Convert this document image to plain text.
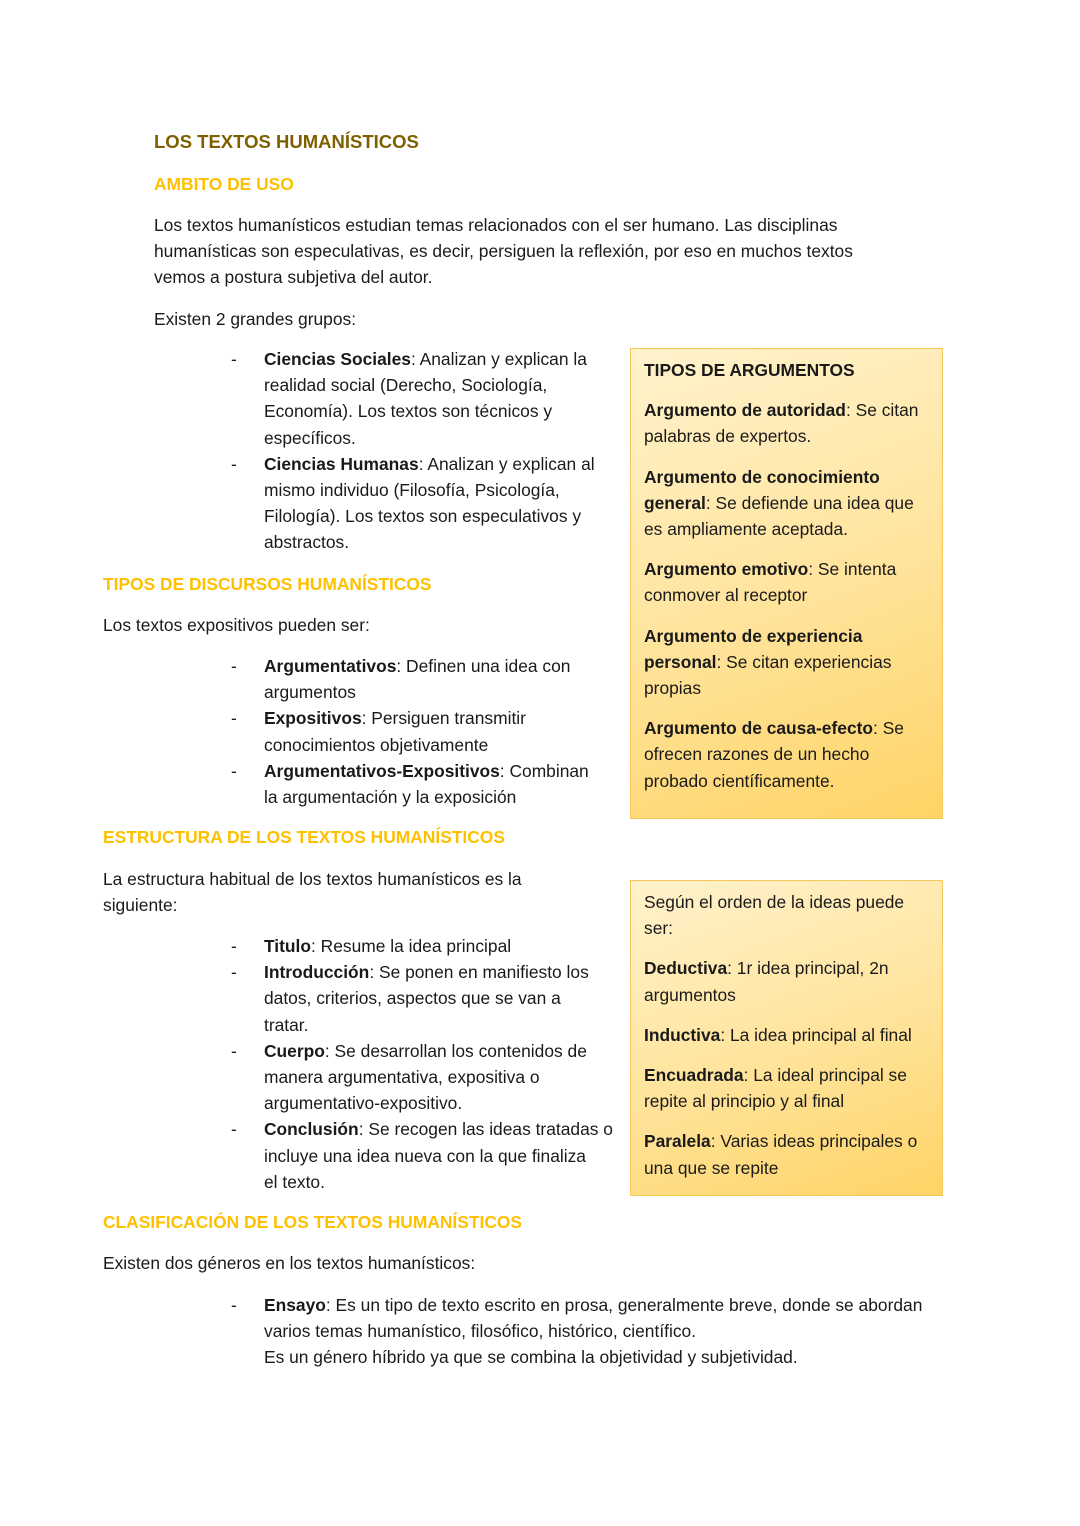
LOS TEXTOS HUMANÍSTICOS
AMBITO DE USO
Los textos humanísticos estudian temas relacionados con el ser humano. Las disciplinas
humanísticas son especulativas, es decir, persiguen la reflexión, por eso en muchos textos
vemos a postura subjetiva del autor.
Existen 2 grandes grupos:
- Ciencias Sociales: Analizan y explican la
realidad social (Derecho, Sociología,
Economía). Los textos son técnicos y
específicos.
- Ciencias Humanas: Analizan y explican al
mismo individuo (Filosofía, Psicología,
Filología). Los textos son especulativos y
abstractos.
TIPOS DE DISCURSOS HUMANÍSTICOS
Los textos expositivos pueden ser:
- Argumentativos: Definen una idea con
argumentos
- Expositivos: Persiguen transmitir
conocimientos objetivamente
- Argumentativos-Expositivos: Combinan
la argumentación y la exposición
ESTRUCTURA DE LOS TEXTOS HUMANÍSTICOS
La estructura habitual de los textos humanísticos es la
siguiente:
- Titulo: Resume la idea principal
- Introducción: Se ponen en manifiesto los
datos, criterios, aspectos que se van a
tratar.
- Cuerpo: Se desarrollan los contenidos de
manera argumentativa, expositiva o
argumentativo-expositivo.
- Conclusión: Se recogen las ideas tratadas o
incluye una idea nueva con la que finaliza
el texto.
CLASIFICACIÓN DE LOS TEXTOS HUMANÍSTICOS
Existen dos géneros en los textos humanísticos:
- Ensayo: Es un tipo de texto escrito en prosa, generalmente breve, donde se abordan
varios temas humanístico, filosófico, histórico, científico.
Es un género híbrido ya que se combina la objetividad y subjetividad.

TIPOS DE ARGUMENTOS

Argumento de autoridad: Se citan
palabras de expertos.

Argumento de conocimiento
general: Se defiende una idea que
es ampliamente aceptada.

Argumento emotivo: Se intenta
conmover al receptor

Argumento de experiencia
personal: Se citan experiencias
propias

Argumento de causa-efecto: Se
ofrecen razones de un hecho
probado científicamente.

Según el orden de la ideas puede
ser:

Deductiva: 1r idea principal, 2n
argumentos

Inductiva: La idea principal al final

Encuadrada: La ideal principal se
repite al principio y al final

Paralela: Varias ideas principales o
una que se repite
